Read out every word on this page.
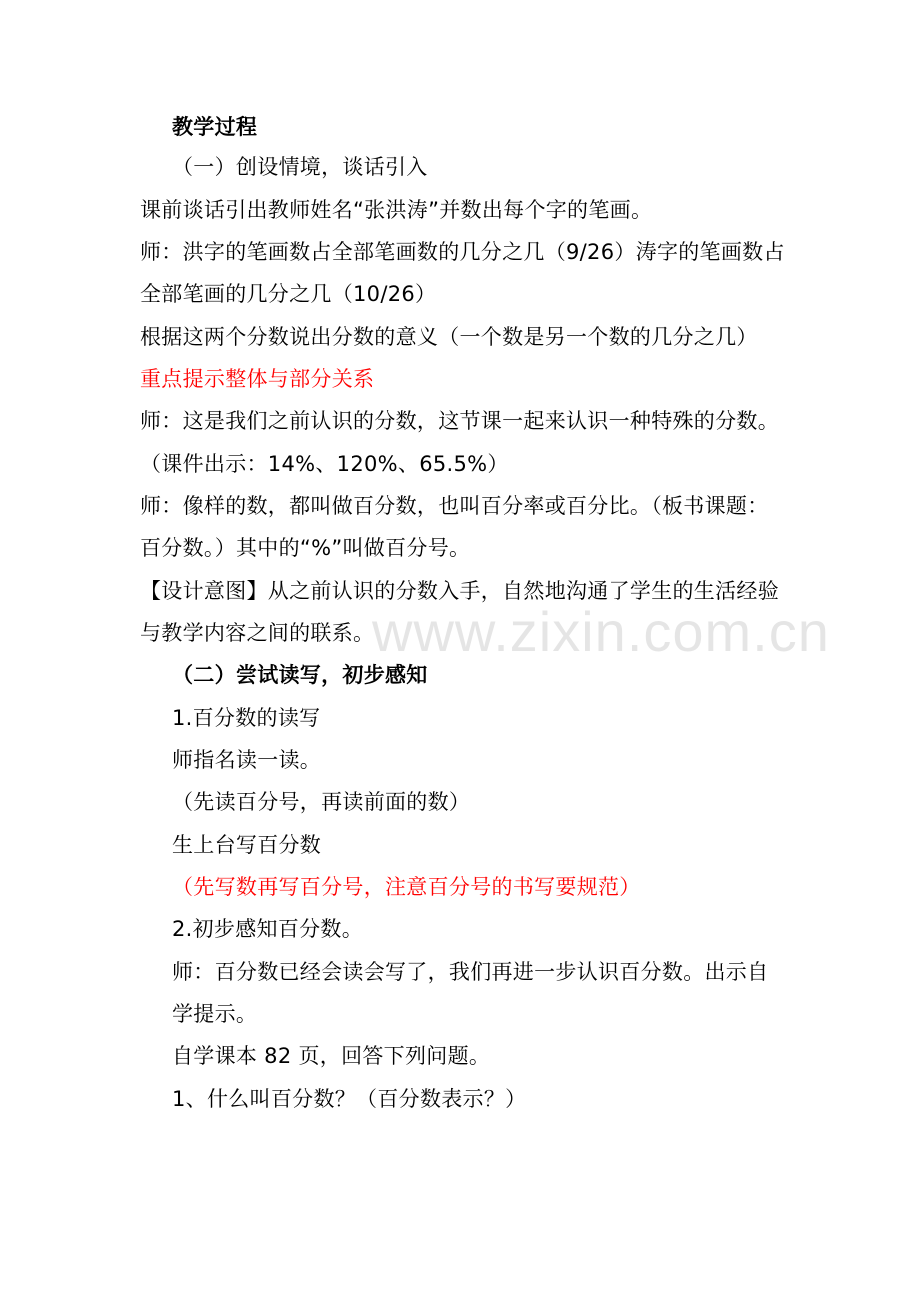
教学过程
（一）创设情境，谈话引入
课前谈话引出教师姓名“张洪涛”并数出每个字的笔画。
师：洪字的笔画数占全部笔画数的几分之几（9/26）涛字的笔画数占
全部笔画的几分之几（10/26）
根据这两个分数说出分数的意义（一个数是另一个数的几分之几）
重点提示整体与部分关系
师：这是我们之前认识的分数，这节课一起来认识一种特殊的分数。
（课件出示：14%、120%、65.5%）
师：像样的数，都叫做百分数，也叫百分率或百分比。（板书课题：
百分数。）其中的“%”叫做百分号。
【设计意图】从之前认识的分数入手，自然地沟通了学生的生活经验
与教学内容之间的联系。
（二）尝试读写，初步感知
1.百分数的读写
师指名读一读。
（先读百分号，再读前面的数）
生上台写百分数
（先写数再写百分号，注意百分号的书写要规范）
2.初步感知百分数。
师：百分数已经会读会写了，我们再进一步认识百分数。出示自
学提示。
自学课本 82 页，回答下列问题。
1、什么叫百分数？（百分数表示？）
www.zixin.com.cn
